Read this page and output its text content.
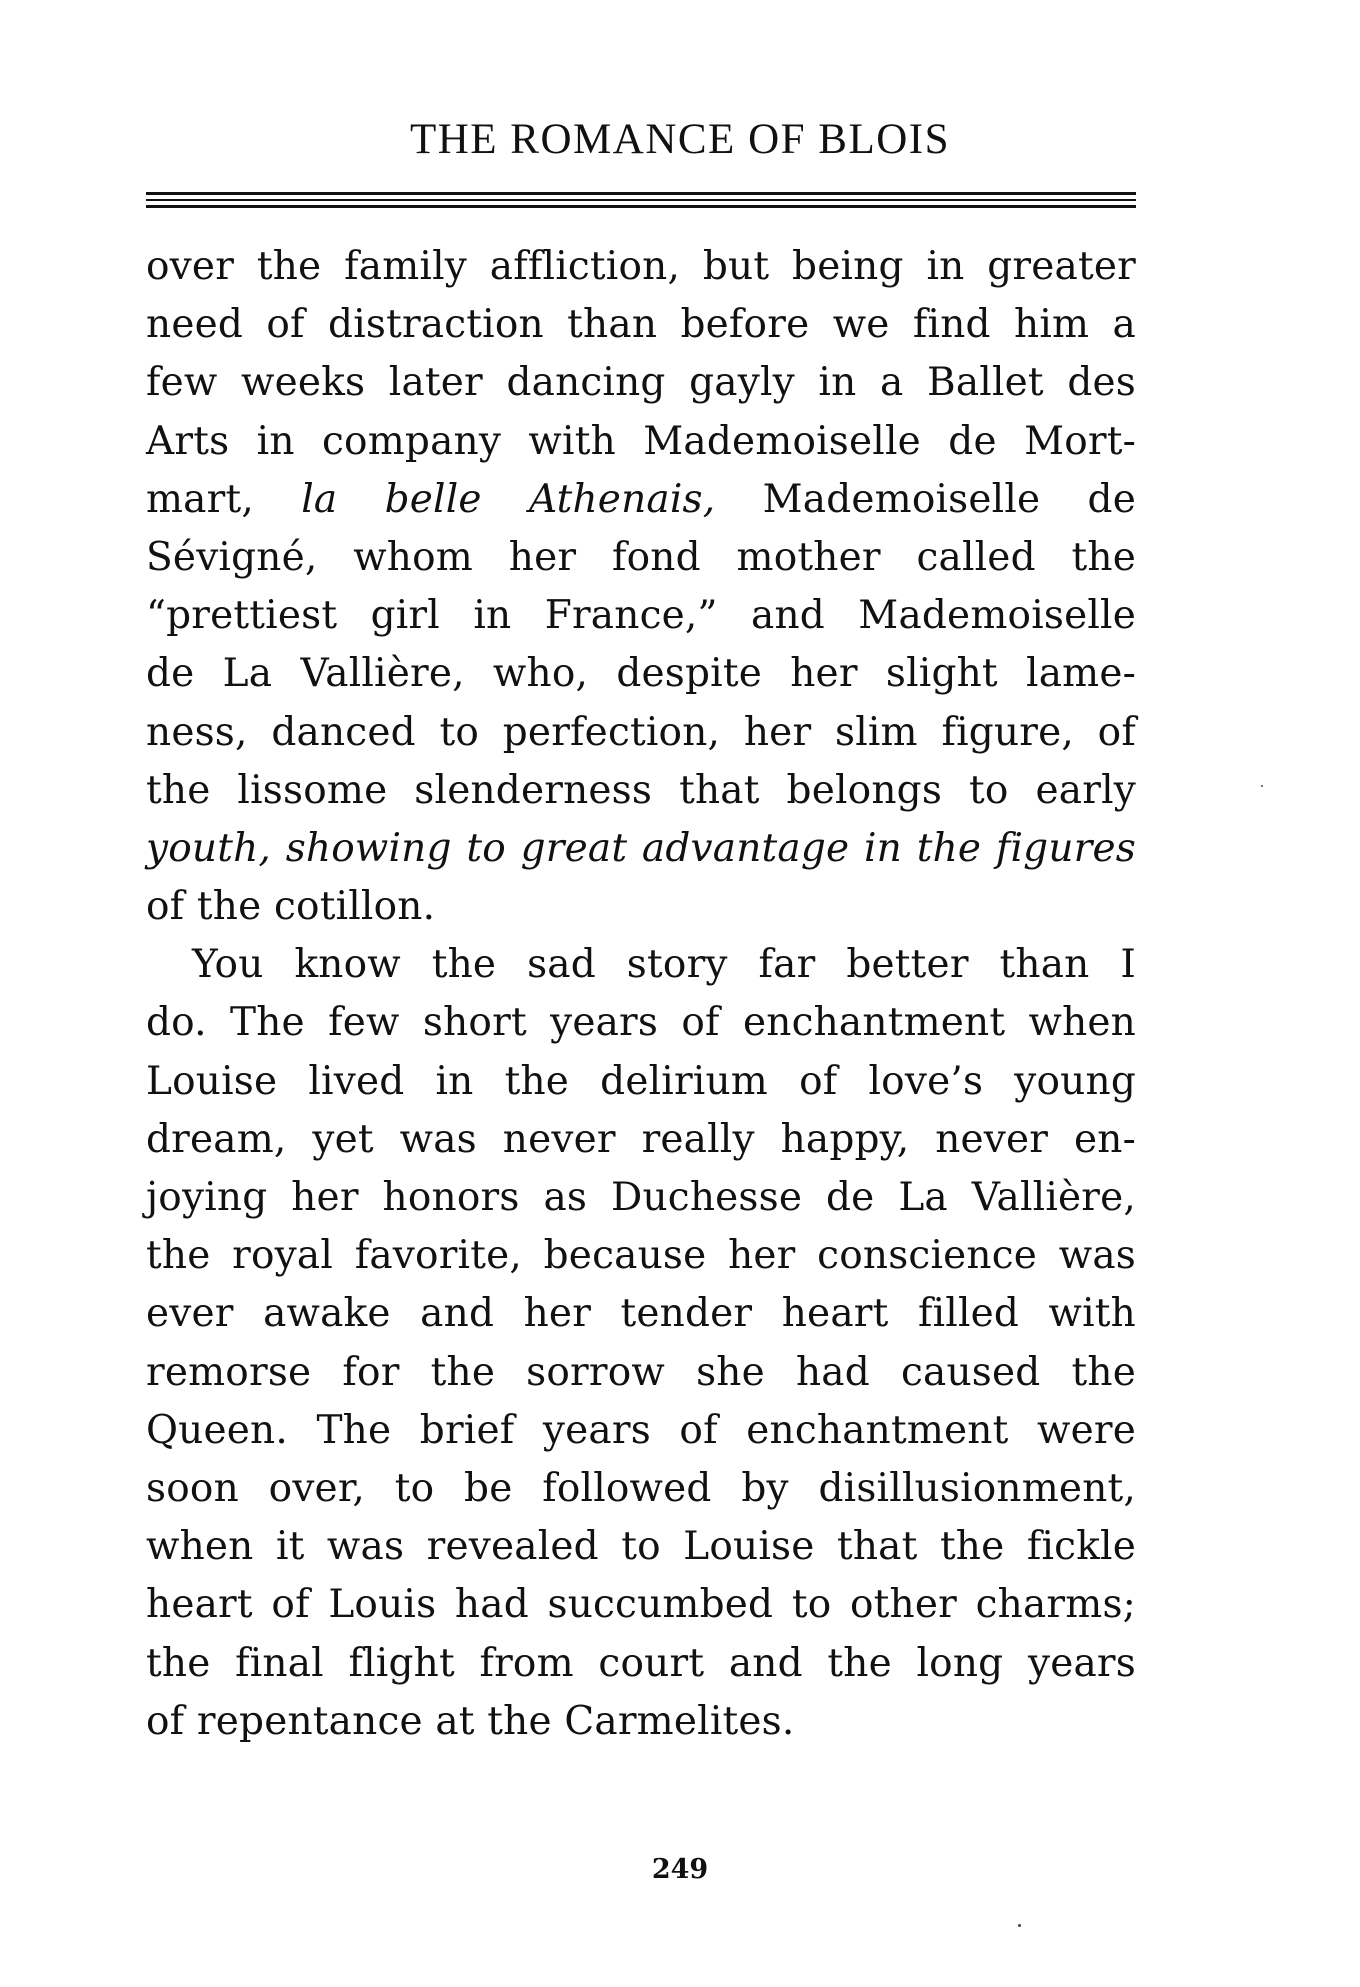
THE ROMANCE OF BLOIS
over the family affliction, but being in greater
need of distraction than before we find him a
few weeks later dancing gayly in a Ballet des
Arts in company with Mademoiselle de Mort-
mart, la belle Athenais, Mademoiselle de
Sévigné, whom her fond mother called the
“prettiest girl in France,” and Mademoiselle
de La Vallière, who, despite her slight lame-
ness, danced to perfection, her slim figure, of
the lissome slenderness that belongs to early
youth, showing to great advantage in the figures
of the cotillon.
You know the sad story far better than I
do. The few short years of enchantment when
Louise lived in the delirium of love’s young
dream, yet was never really happy, never en-
joying her honors as Duchesse de La Vallière,
the royal favorite, because her conscience was
ever awake and her tender heart filled with
remorse for the sorrow she had caused the
Queen. The brief years of enchantment were
soon over, to be followed by disillusionment,
when it was revealed to Louise that the fickle
heart of Louis had succumbed to other charms;
the final flight from court and the long years
of repentance at the Carmelites.
249
